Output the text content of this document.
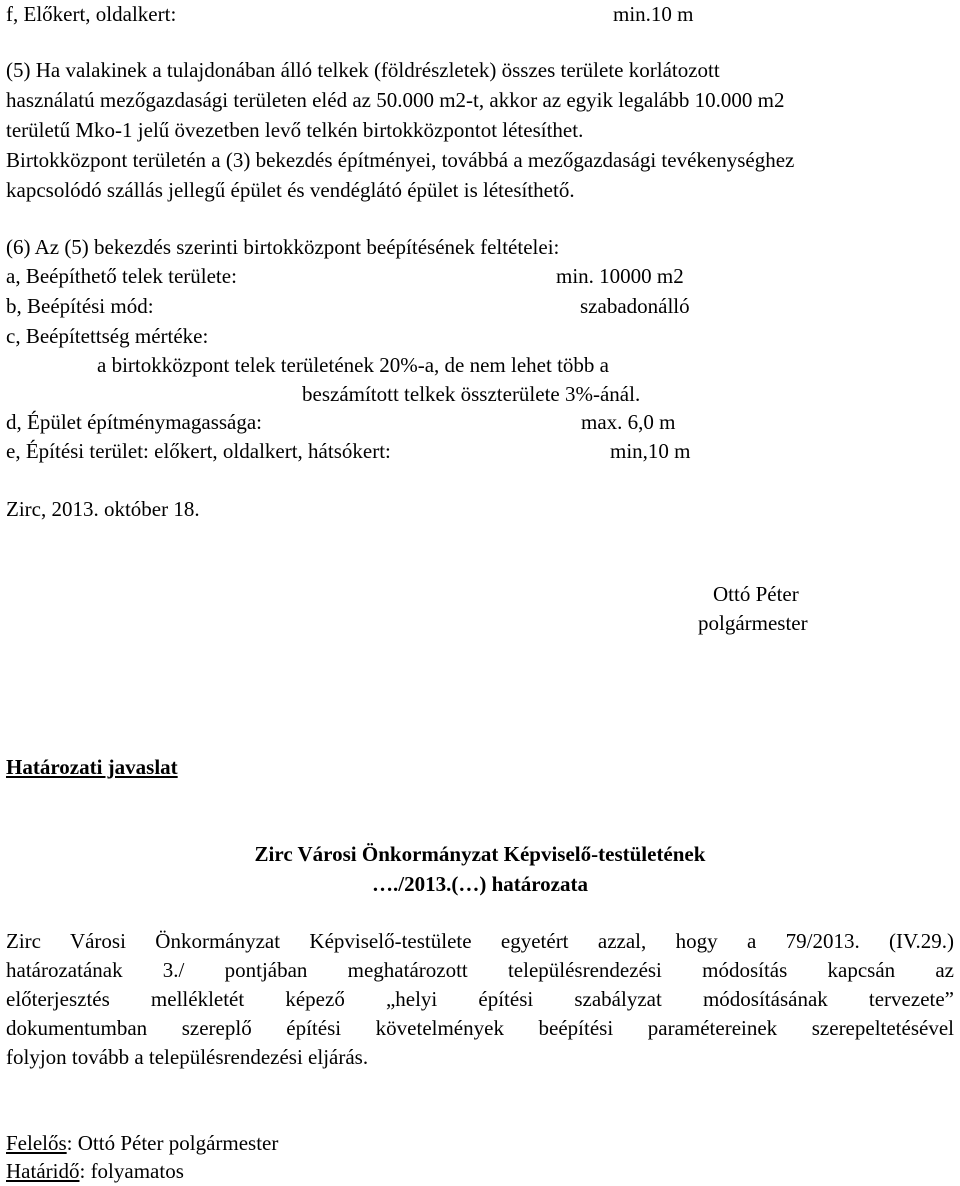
f, Előkert, oldalkert:	min.10 m
(5) Ha valakinek a tulajdonában álló telkek (földrészletek) összes területe korlátozott
használatú mezőgazdasági területen eléd az 50.000 m2-t, akkor az egyik legalább 10.000 m2
területű Mko-1 jelű övezetben levő telkén birtokközpontot létesíthet.
Birtokközpont területén a (3) bekezdés építményei, továbbá a mezőgazdasági tevékenységhez
kapcsolódó szállás jellegű épület és vendéglátó épület is létesíthető.
(6) Az (5) bekezdés szerinti birtokközpont beépítésének feltételei:
a, Beépíthető telek területe:	min. 10000 m2
b, Beépítési mód:	szabadonálló
c, Beépítettség mértéke:
a birtokközpont telek területének 20%-a, de nem lehet több a
beszámított telkek összterülete 3%-ánál.
d, Épület építménymagassága:	max. 6,0 m
e, Építési terület: előkert, oldalkert, hátsókert:	min,10 m
Zirc, 2013. október 18.
Ottó Péter
polgármester
Határozati javaslat
Zirc Városi Önkormányzat Képviselő-testületének
…./2013.(…) határozata
Zirc Városi Önkormányzat Képviselő-testülete egyetért azzal, hogy a 79/2013. (IV.29.)
határozatának 3./ pontjában meghatározott településrendezési módosítás kapcsán az
előterjesztés mellékletét képező „helyi építési szabályzat módosításának tervezete”
dokumentumban szereplő építési követelmények beépítési paramétereinek szerepeltetésével
folyjon tovább a településrendezési eljárás.
Felelős: Ottó Péter polgármester
Határidő: folyamatos
